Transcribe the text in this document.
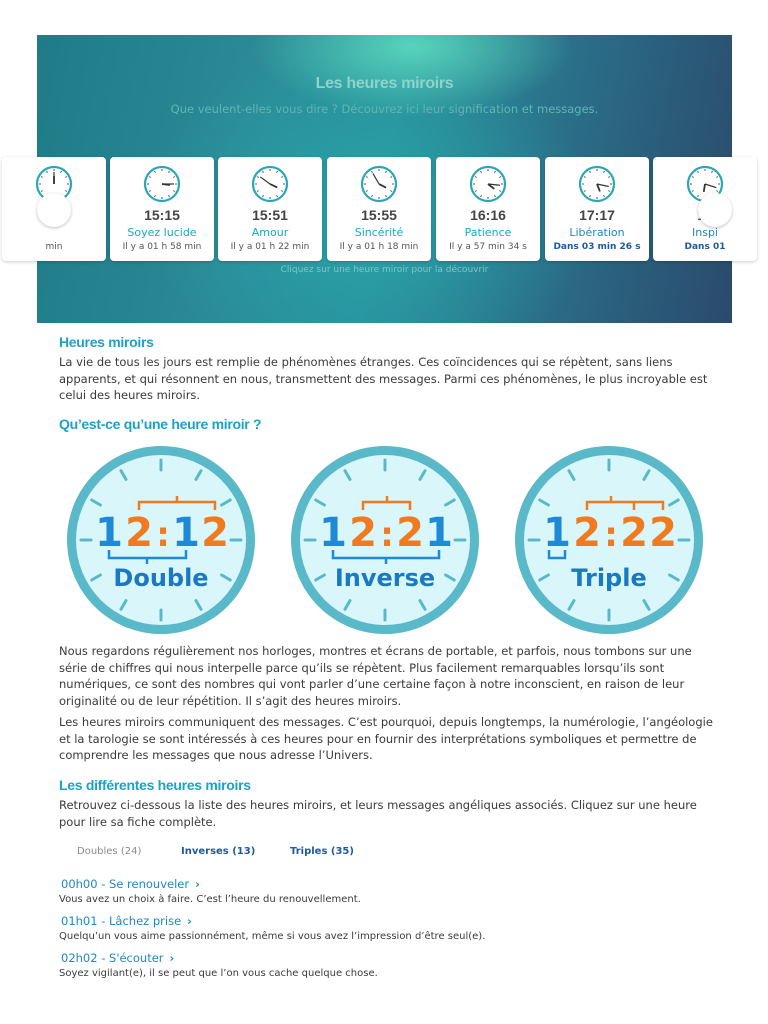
Les heures miroirs
Que veulent-elles vous dire ? Découvrez ici leur signification et messages.
min
15:15
Soyez lucide
Il y a 01 h 58 min
15:51
Amour
Il y a 01 h 22 min
15:55
Sincérité
Il y a 01 h 18 min
16:16
Patience
Il y a 57 min 34 s
17:17
Libération
Dans 03 min 26 s
Inspi
Dans 01
Cliquez sur une heure miroir pour la découvrir
Heures miroirs

La vie de tous les jours est remplie de phénomènes étranges. Ces coïncidences qui se répètent, sans liens apparents, et qui résonnent en nous, transmettent des messages. Parmi ces phénomènes, le plus incroyable est celui des heures miroirs.

Qu’est-ce qu’une heure miroir ?
1 2 : 1 2
Double
1 2 : 2 1
Inverse
1 2 : 2 2
Triple

Nous regardons régulièrement nos horloges, montres et écrans de portable, et parfois, nous tombons sur une série de chiffres qui nous interpelle parce qu’ils se répètent. Plus facilement remarquables lorsqu’ils sont numériques, ce sont des nombres qui vont parler d’une certaine façon à notre inconscient, en raison de leur originalité ou de leur répétition. Il s’agit des heures miroirs.

Les heures miroirs communiquent des messages. C’est pourquoi, depuis longtemps, la numérologie, l’angéologie et la tarologie se sont intéressés à ces heures pour en fournir des interprétations symboliques et permettre de comprendre les messages que nous adresse l’Univers.

Les différentes heures miroirs

Retrouvez ci-dessous la liste des heures miroirs, et leurs messages angéliques associés. Cliquez sur une heure pour lire sa fiche complète.

Doubles (24)	Inverses (13)	Triples (35)
00h00 - Se renouveler ›
Vous avez un choix à faire. C’est l’heure du renouvellement.
01h01 - Lâchez prise ›
Quelqu’un vous aime passionnément, même si vous avez l’impression d’être seul(e).
02h02 - S'écouter ›
Soyez vigilant(e), il se peut que l’on vous cache quelque chose.
